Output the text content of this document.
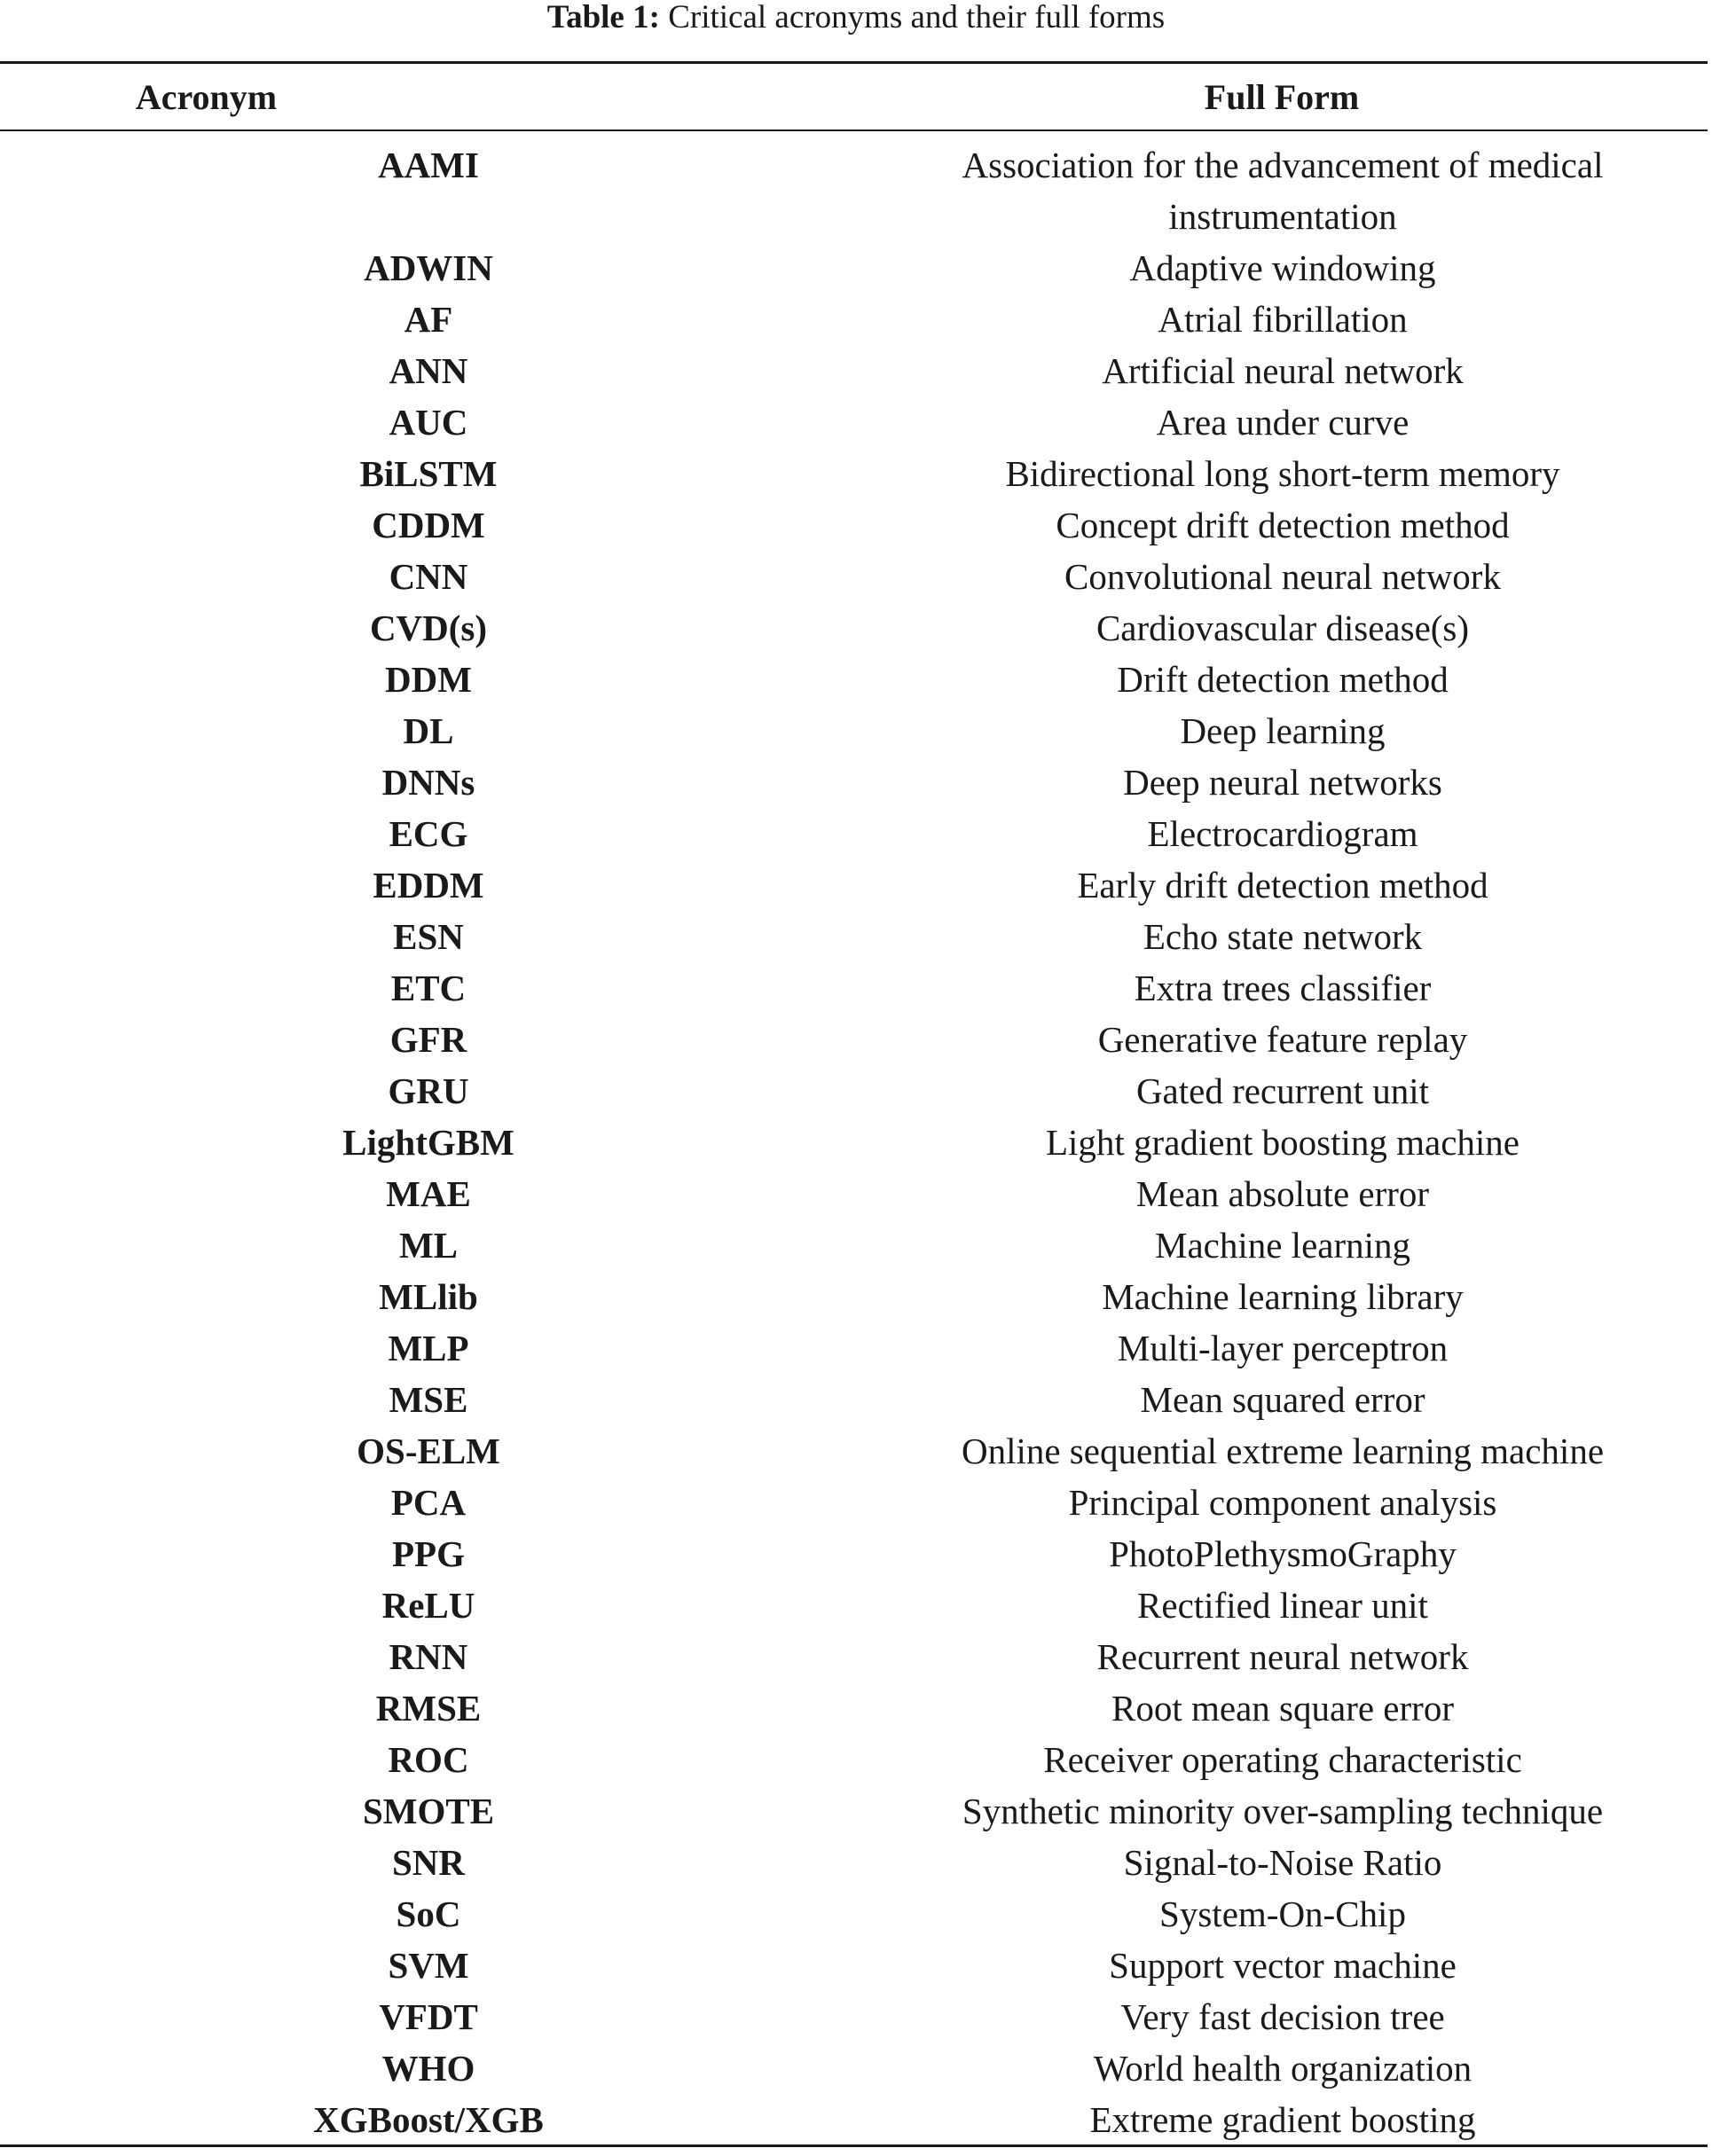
Table 1: Critical acronyms and their full forms
Acronym	Full Form
AAMI	Association for the advancement of medical instrumentation
ADWIN	Adaptive windowing
AF	Atrial fibrillation
ANN	Artificial neural network
AUC	Area under curve
BiLSTM	Bidirectional long short-term memory
CDDM	Concept drift detection method
CNN	Convolutional neural network
CVD(s)	Cardiovascular disease(s)
DDM	Drift detection method
DL	Deep learning
DNNs	Deep neural networks
ECG	Electrocardiogram
EDDM	Early drift detection method
ESN	Echo state network
ETC	Extra trees classifier
GFR	Generative feature replay
GRU	Gated recurrent unit
LightGBM	Light gradient boosting machine
MAE	Mean absolute error
ML	Machine learning
MLlib	Machine learning library
MLP	Multi-layer perceptron
MSE	Mean squared error
OS-ELM	Online sequential extreme learning machine
PCA	Principal component analysis
PPG	PhotoPlethysmoGraphy
ReLU	Rectified linear unit
RNN	Recurrent neural network
RMSE	Root mean square error
ROC	Receiver operating characteristic
SMOTE	Synthetic minority over-sampling technique
SNR	Signal-to-Noise Ratio
SoC	System-On-Chip
SVM	Support vector machine
VFDT	Very fast decision tree
WHO	World health organization
XGBoost/XGB	Extreme gradient boosting
